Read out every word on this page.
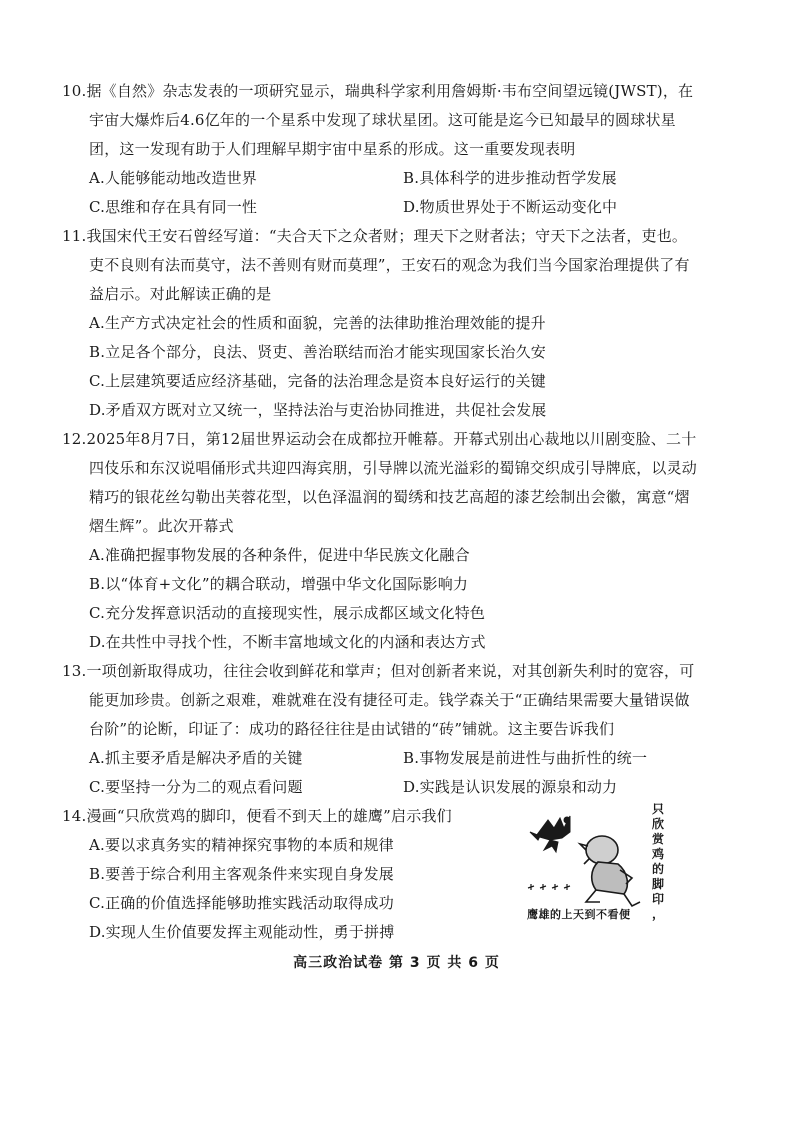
10.据《自然》杂志发表的一项研究显示，瑞典科学家利用詹姆斯·韦布空间望远镜(JWST)，在
宇宙大爆炸后4.6亿年的一个星系中发现了球状星团。这可能是迄今已知最早的圆球状星
团，这一发现有助于人们理解早期宇宙中星系的形成。这一重要发现表明
A.人能够能动地改造世界	B.具体科学的进步推动哲学发展
C.思维和存在具有同一性	D.物质世界处于不断运动变化中
11.我国宋代王安石曾经写道：“夫合天下之众者财；理天下之财者法；守天下之法者，吏也。
吏不良则有法而莫守，法不善则有财而莫理”，王安石的观念为我们当今国家治理提供了有
益启示。对此解读正确的是
A.生产方式决定社会的性质和面貌，完善的法律助推治理效能的提升
B.立足各个部分，良法、贤吏、善治联结而治才能实现国家长治久安
C.上层建筑要适应经济基础，完备的法治理念是资本良好运行的关键
D.矛盾双方既对立又统一，坚持法治与吏治协同推进，共促社会发展
12.2025年8月7日，第12届世界运动会在成都拉开帷幕。开幕式别出心裁地以川剧变脸、二十
四伎乐和东汉说唱俑形式共迎四海宾朋，引导牌以流光溢彩的蜀锦交织成引导牌底，以灵动
精巧的银花丝勾勒出芙蓉花型，以色泽温润的蜀绣和技艺高超的漆艺绘制出会徽，寓意“熠
熠生辉”。此次开幕式
A.准确把握事物发展的各种条件，促进中华民族文化融合
B.以“体育+文化”的耦合联动，增强中华文化国际影响力
C.充分发挥意识活动的直接现实性，展示成都区域文化特色
D.在共性中寻找个性，不断丰富地域文化的内涵和表达方式
13.一项创新取得成功，往往会收到鲜花和掌声；但对创新者来说，对其创新失利时的宽容，可
能更加珍贵。创新之艰难，难就难在没有捷径可走。钱学森关于“正确结果需要大量错误做
台阶”的论断，印证了：成功的路径往往是由试错的“砖”铺就。这主要告诉我们
A.抓主要矛盾是解决矛盾的关键	B.事物发展是前进性与曲折性的统一
C.要坚持一分为二的观点看问题	D.实践是认识发展的源泉和动力
14.漫画“只欣赏鸡的脚印，便看不到天上的雄鹰”启示我们
A.要以求真务实的精神探究事物的本质和规律
B.要善于综合利用主客观条件来实现自身发展
C.正确的价值选择能够助推实践活动取得成功
D.实现人生价值要发挥主观能动性，勇于拼搏
只
欣
赏
鸡
的
脚
印
，
鹰雄的上天到不看便
高三政治试卷 第 3 页 共 6 页
